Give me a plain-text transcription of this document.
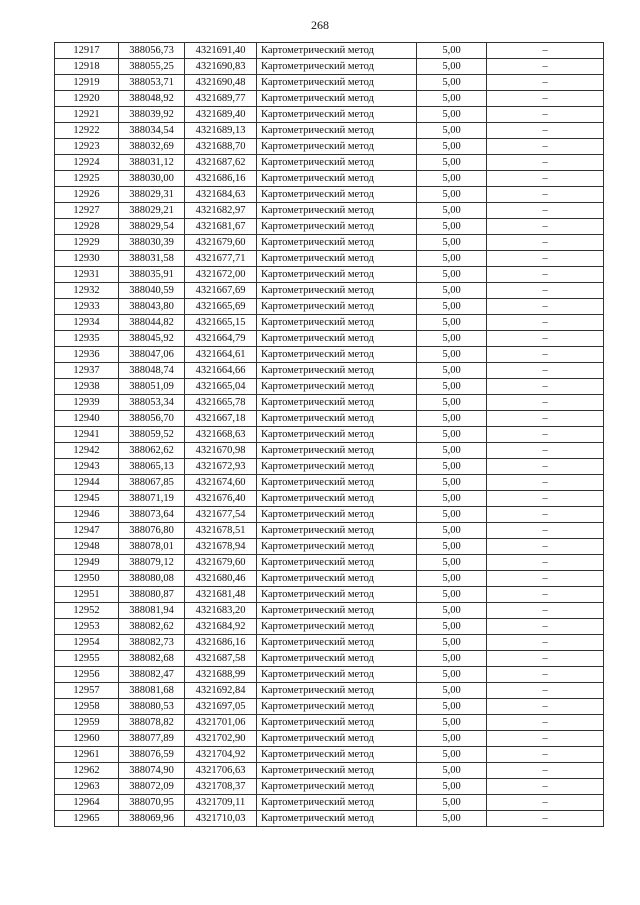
268
12917	388056,73	4321691,40	Картометрический метод	5,00	–
12918	388055,25	4321690,83	Картометрический метод	5,00	–
12919	388053,71	4321690,48	Картометрический метод	5,00	–
12920	388048,92	4321689,77	Картометрический метод	5,00	–
12921	388039,92	4321689,40	Картометрический метод	5,00	–
12922	388034,54	4321689,13	Картометрический метод	5,00	–
12923	388032,69	4321688,70	Картометрический метод	5,00	–
12924	388031,12	4321687,62	Картометрический метод	5,00	–
12925	388030,00	4321686,16	Картометрический метод	5,00	–
12926	388029,31	4321684,63	Картометрический метод	5,00	–
12927	388029,21	4321682,97	Картометрический метод	5,00	–
12928	388029,54	4321681,67	Картометрический метод	5,00	–
12929	388030,39	4321679,60	Картометрический метод	5,00	–
12930	388031,58	4321677,71	Картометрический метод	5,00	–
12931	388035,91	4321672,00	Картометрический метод	5,00	–
12932	388040,59	4321667,69	Картометрический метод	5,00	–
12933	388043,80	4321665,69	Картометрический метод	5,00	–
12934	388044,82	4321665,15	Картометрический метод	5,00	–
12935	388045,92	4321664,79	Картометрический метод	5,00	–
12936	388047,06	4321664,61	Картометрический метод	5,00	–
12937	388048,74	4321664,66	Картометрический метод	5,00	–
12938	388051,09	4321665,04	Картометрический метод	5,00	–
12939	388053,34	4321665,78	Картометрический метод	5,00	–
12940	388056,70	4321667,18	Картометрический метод	5,00	–
12941	388059,52	4321668,63	Картометрический метод	5,00	–
12942	388062,62	4321670,98	Картометрический метод	5,00	–
12943	388065,13	4321672,93	Картометрический метод	5,00	–
12944	388067,85	4321674,60	Картометрический метод	5,00	–
12945	388071,19	4321676,40	Картометрический метод	5,00	–
12946	388073,64	4321677,54	Картометрический метод	5,00	–
12947	388076,80	4321678,51	Картометрический метод	5,00	–
12948	388078,01	4321678,94	Картометрический метод	5,00	–
12949	388079,12	4321679,60	Картометрический метод	5,00	–
12950	388080,08	4321680,46	Картометрический метод	5,00	–
12951	388080,87	4321681,48	Картометрический метод	5,00	–
12952	388081,94	4321683,20	Картометрический метод	5,00	–
12953	388082,62	4321684,92	Картометрический метод	5,00	–
12954	388082,73	4321686,16	Картометрический метод	5,00	–
12955	388082,68	4321687,58	Картометрический метод	5,00	–
12956	388082,47	4321688,99	Картометрический метод	5,00	–
12957	388081,68	4321692,84	Картометрический метод	5,00	–
12958	388080,53	4321697,05	Картометрический метод	5,00	–
12959	388078,82	4321701,06	Картометрический метод	5,00	–
12960	388077,89	4321702,90	Картометрический метод	5,00	–
12961	388076,59	4321704,92	Картометрический метод	5,00	–
12962	388074,90	4321706,63	Картометрический метод	5,00	–
12963	388072,09	4321708,37	Картометрический метод	5,00	–
12964	388070,95	4321709,11	Картометрический метод	5,00	–
12965	388069,96	4321710,03	Картометрический метод	5,00	–
